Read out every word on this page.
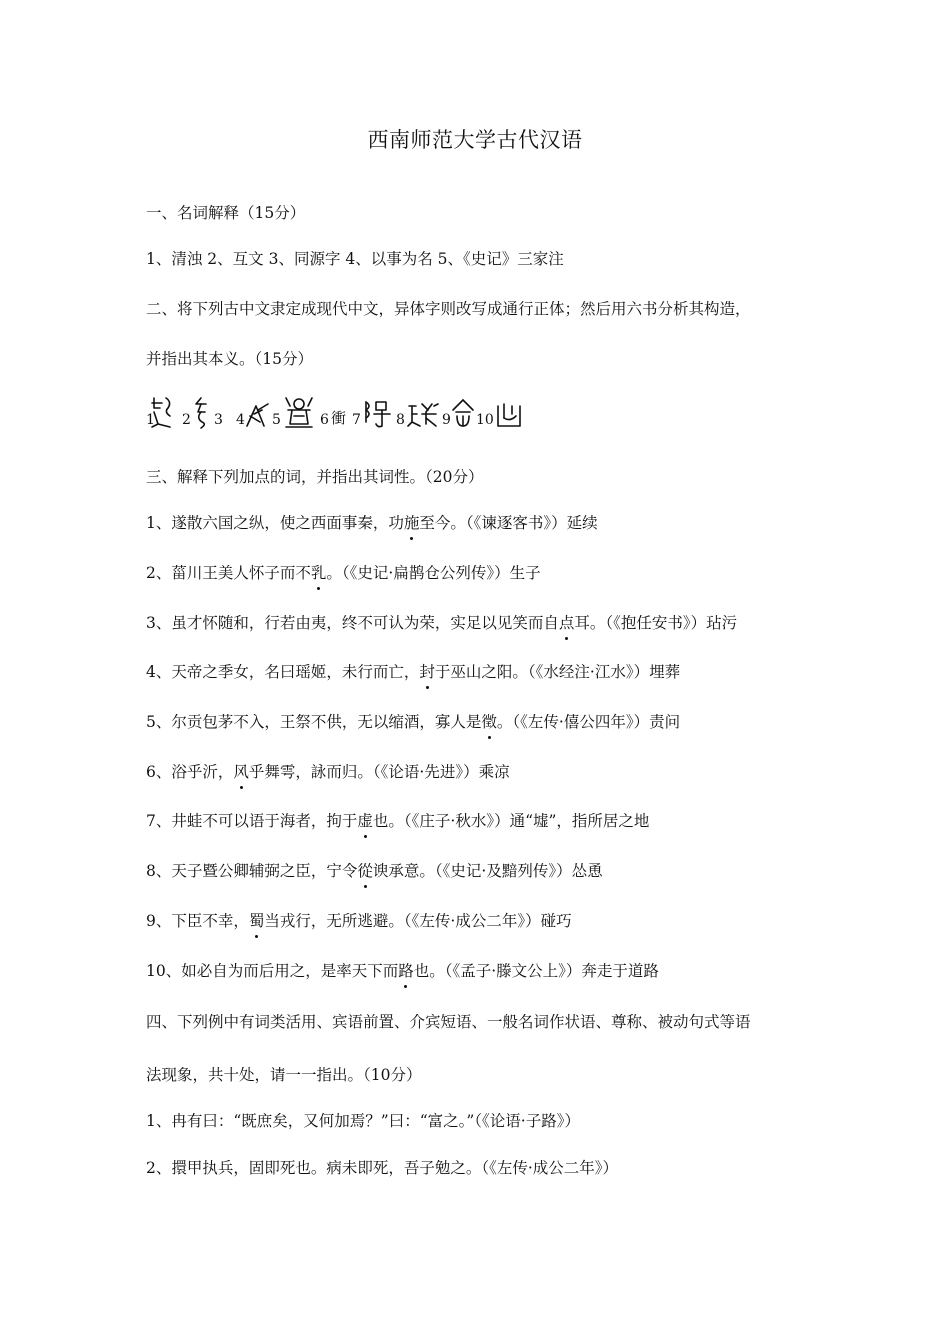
西南师范大学古代汉语
一、名词解释（15分）
1、清浊 2、互文 3、同源字 4、以事为名 5、《史记》三家注
二、将下列古中文隶定成现代中文，异体字则改写成通行正体；然后用六书分析其构造，
并指出其本义。（15分）
1 2 3 4 5	6 衝 7	8	9 10
三、解释下列加点的词，并指出其词性。（20分）
1、遂散六国之纵，使之西面事秦，功施至今。（《谏逐客书》）延续
2、菑川王美人怀子而不乳。（《史记·扁鹊仓公列传》）生子
3、虽才怀随和，行若由夷，终不可认为荣，实足以见笑而自点耳。（《抱任安书》）玷污
4、天帝之季女，名曰瑶姬，未行而亡，封于巫山之阳。（《水经注·江水》）埋葬
5、尔贡包茅不入，王祭不供，无以缩酒，寡人是徵。（《左传·僖公四年》）责问
6、浴乎沂，风乎舞雩，詠而归。（《论语·先进》）乘凉
7、井蛙不可以语于海者，拘于虚也。（《庄子·秋水》）通“墟”，指所居之地
8、天子暨公卿辅弼之臣，宁令從谀承意。（《史记·及黯列传》）怂恿
9、下臣不幸，蜀当戎行，无所逃避。（《左传·成公二年》）碰巧
10、如必自为而后用之，是率天下而路也。（《孟子·滕文公上》）奔走于道路
四、下列例中有词类活用、宾语前置、介宾短语、一般名词作状语、尊称、被动句式等语
法现象，共十处，请一一指出。（10分）
1、冉有曰：“既庶矣，又何加焉？”曰：“富之。”（《论语·子路》）
2、擐甲执兵，固即死也。病未即死，吾子勉之。（《左传·成公二年》）
